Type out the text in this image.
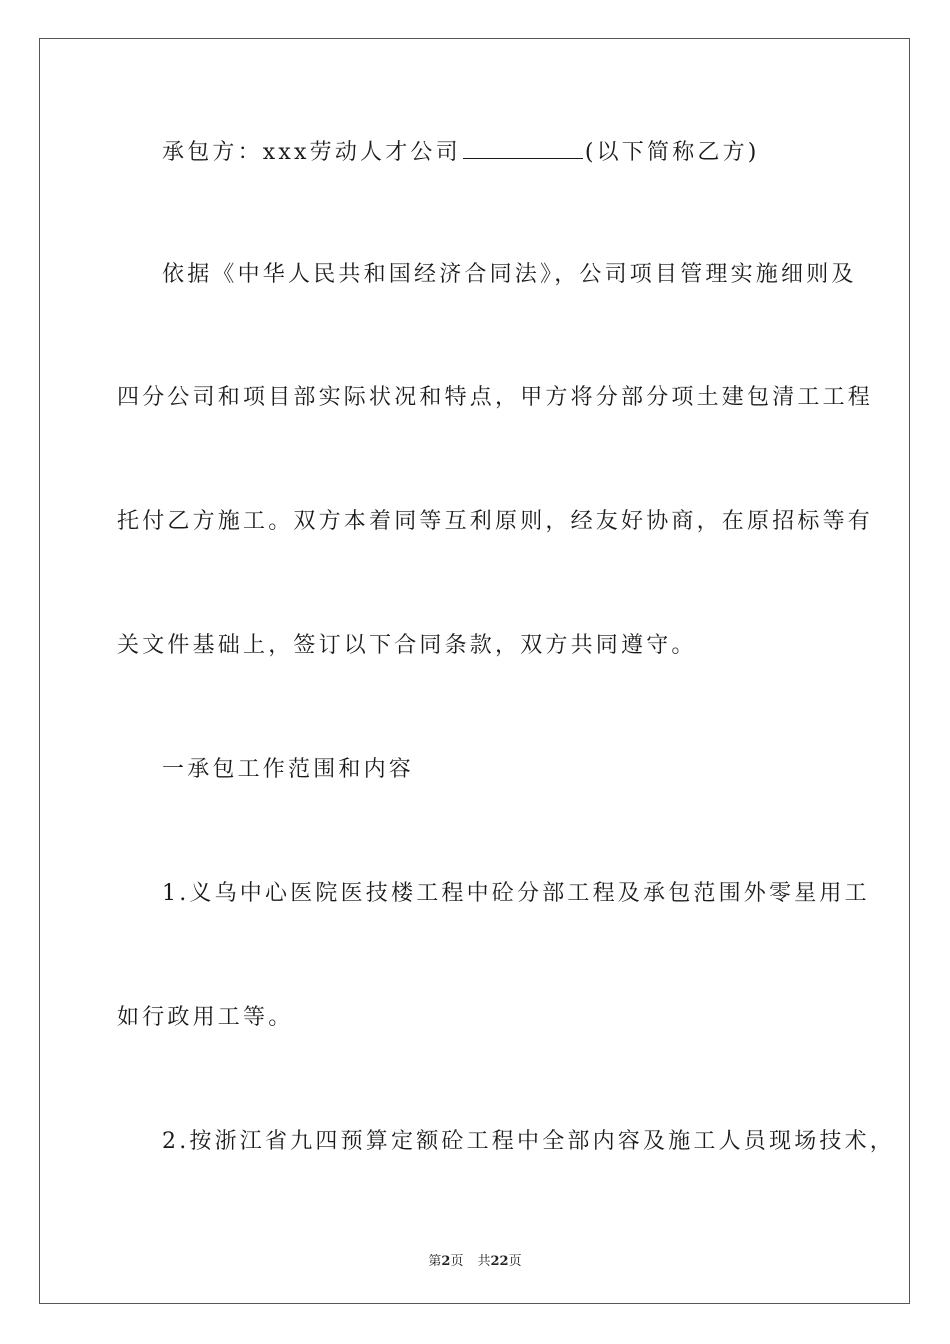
承包方：xxx劳动人才公司	(以下简称乙方)
依据《中华人民共和国经济合同法》，公司项目管理实施细则及
四分公司和项目部实际状况和特点，甲方将分部分项土建包清工工程
托付乙方施工。双方本着同等互利原则，经友好协商，在原招标等有
关文件基础上，签订以下合同条款，双方共同遵守。
一承包工作范围和内容
1.义乌中心医院医技楼工程中砼分部工程及承包范围外零星用工
如行政用工等。
2.按浙江省九四预算定额砼工程中全部内容及施工人员现场技术，
第2页 共22页
